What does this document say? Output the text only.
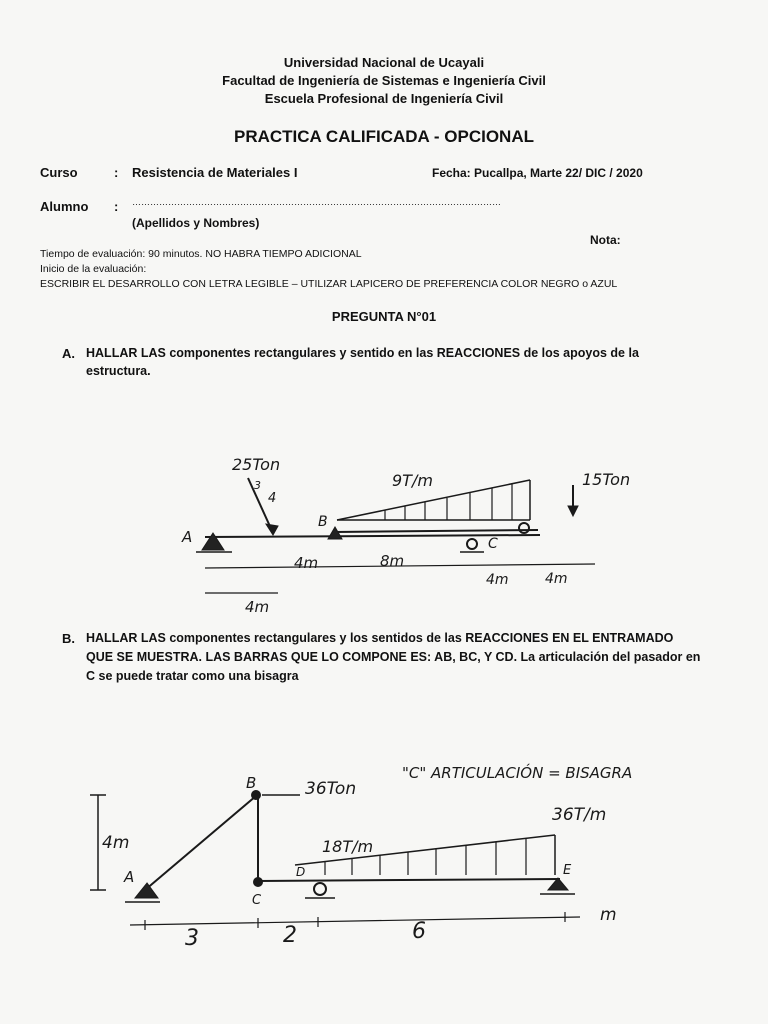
Universidad Nacional de Ucayali
Facultad de Ingeniería de Sistemas e Ingeniería Civil
Escuela Profesional de Ingeniería Civil
PRACTICA CALIFICADA - OPCIONAL
Curso	: Resistencia de Materiales I	Fecha: Pucallpa, Marte 22/ DIC / 2020
Alumno : ……………………………………………………………………………………………………………
(Apellidos y Nombres)
Nota:
Tiempo de evaluación: 90 minutos. NO HABRA TIEMPO ADICIONAL
Inicio de la evaluación:
ESCRIBIR EL DESARROLLO CON LETRA LEGIBLE – UTILIZAR LAPICERO DE PREFERENCIA COLOR NEGRO o AZUL
PREGUNTA N°01
A. HALLAR LAS componentes rectangulares y sentido en las REACCIONES de los apoyos de la
estructura.
25Ton
3
4
9T/m	15Ton
A
B
C
4m	8m
4m	4m
4m
B. HALLAR LAS componentes rectangulares y los sentidos de las REACCIONES EN EL ENTRAMADO
QUE SE MUESTRA. LAS BARRAS QUE LO COMPONE ES: AB, BC, Y CD. La articulación del pasador en
C se puede tratar como una bisagra
"C" ARTICULACIÓN = BISAGRA
B	36Ton
36T/m
18T/m
4m
A
C
D	E
3	2	6
m
